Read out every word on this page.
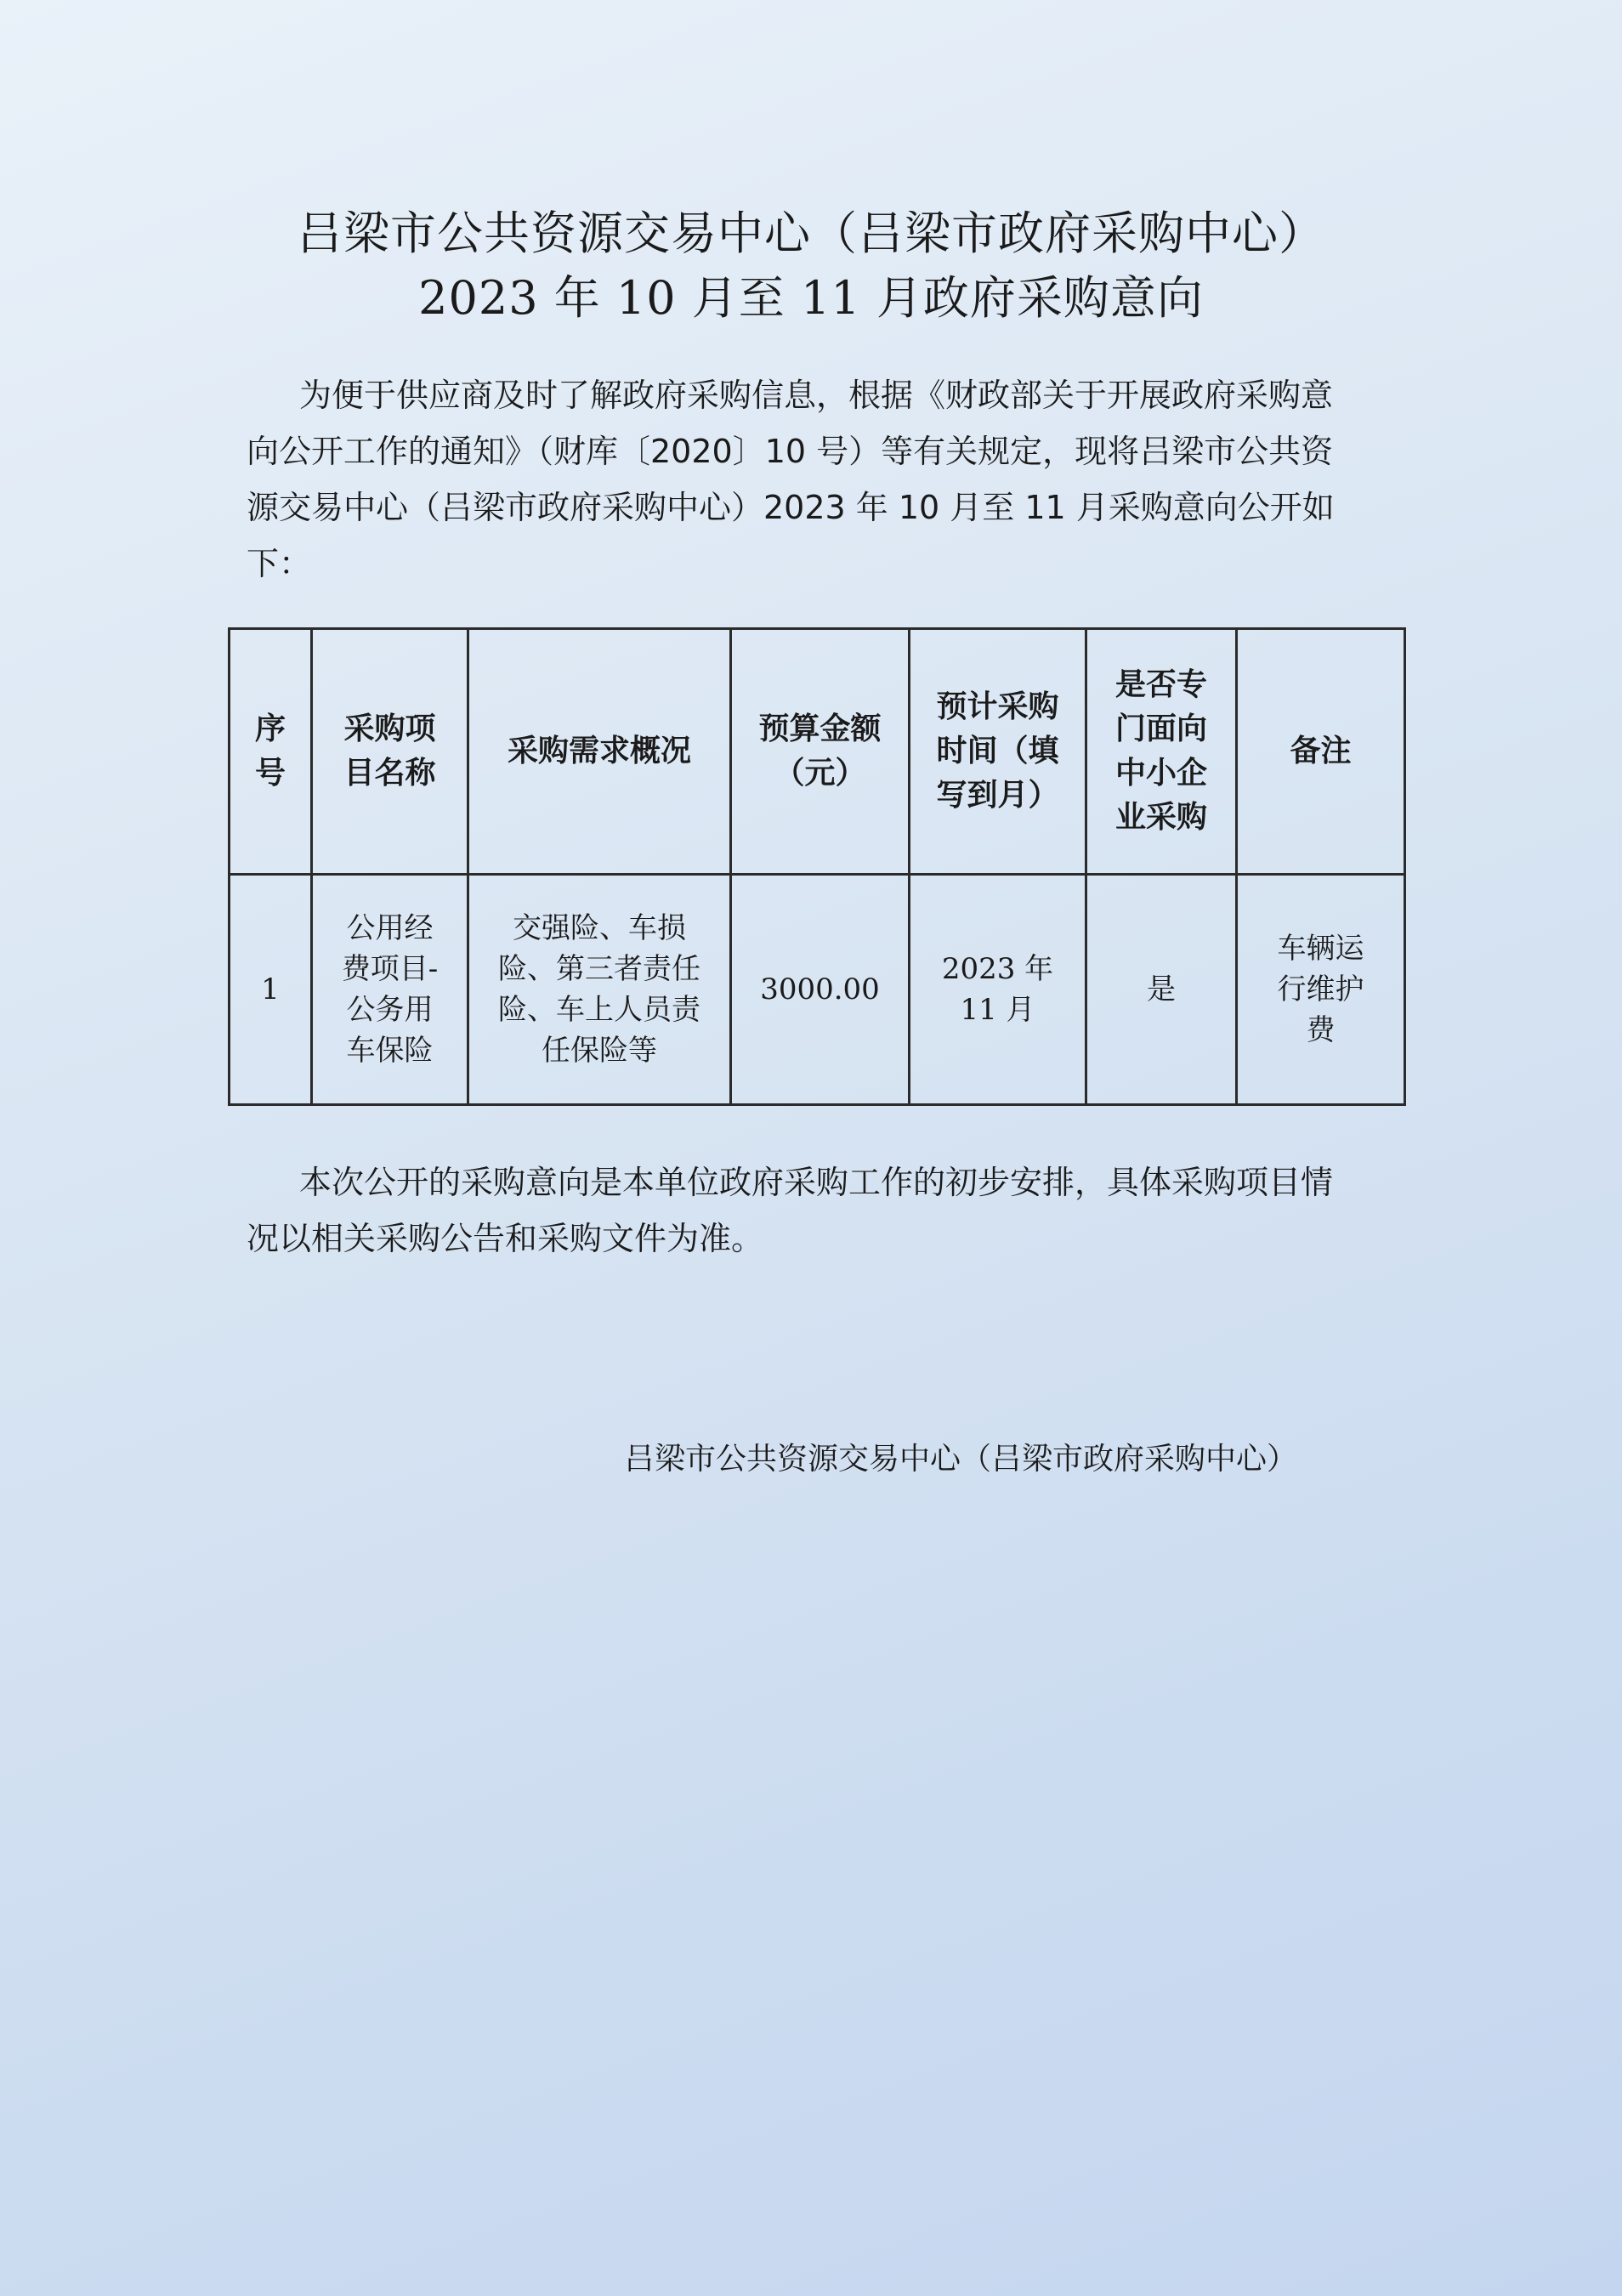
吕梁市公共资源交易中心（吕梁市政府采购中心）
2023 年 10 月至 11 月政府采购意向
为便于供应商及时了解政府采购信息，根据《财政部关于开展政府采购意
向公开工作的通知》（财库〔2020〕10 号）等有关规定，现将吕梁市公共资
源交易中心（吕梁市政府采购中心）2023 年 10 月至 11 月采购意向公开如
下：
序号	采购项目名称	采购需求概况	预算金额（元）	预计采购时间（填写到月）	是否专门面向中小企业采购	备注
1	公用经费项目-公务用车保险	交强险、车损险、第三者责任险、车上人员责任保险等	3000.00	2023 年 11 月	是	车辆运行维护费
本次公开的采购意向是本单位政府采购工作的初步安排，具体采购项目情
况以相关采购公告和采购文件为准。
吕梁市公共资源交易中心（吕梁市政府采购中心）
